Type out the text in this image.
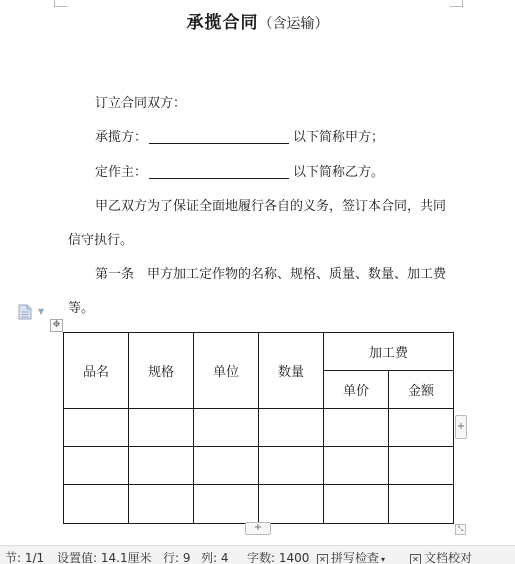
承揽合同（含运输）
订立合同双方：
承揽方：	以下简称甲方；
定作主：	以下简称乙方。
甲乙双方为了保证全面地履行各自的义务，签订本合同，共同
信守执行。
第一条　甲方加工定作物的名称、规格、质量、数量、加工费
等。
▼
✥
品名	规格	单位	数量	加工费	
				单价	金额

+
+	⤡
节: 1/1 设置值: 14.1厘米 行: 9 列: 4 字数: 1400 ✕ 拼写检查 ▾	✕ 文档校对
